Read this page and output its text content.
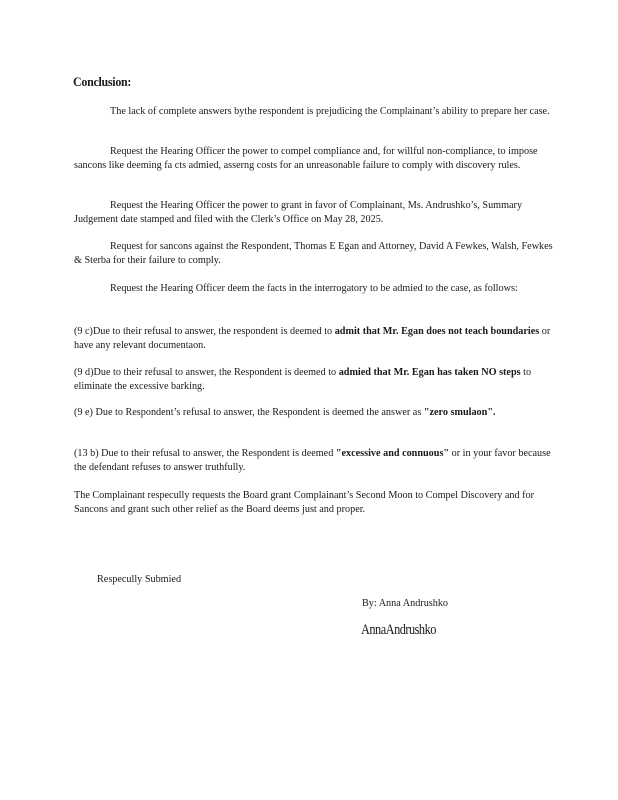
Conclusion:
The lack of complete answers bythe respondent is prejudicing the Complainant’s ability to prepare her case.
Request the Hearing Officer the power to compel compliance and, for willful non-compliance, to impose sancons like deeming fa cts admied, asserng costs for an unreasonable failure to comply with discovery rules.
Request the Hearing Officer the power to grant in favor of Complainant, Ms. Andrushko’s, Summary Judgement date stamped and filed with the Clerk’s Office on May 28, 2025.
Request for sancons against the Respondent, Thomas E Egan and Attorney, David A Fewkes, Walsh, Fewkes & Sterba for their failure to comply.
Request the Hearing Officer deem the facts in the interrogatory to be admied to the case, as follows:
(9 c)Due to their refusal to answer, the respondent is deemed to admit that Mr. Egan does not teach boundaries or have any relevant documentaon.
(9 d)Due to their refusal to answer, the Respondent is deemed to admied that Mr. Egan has taken NO steps to eliminate the excessive barking.
(9 e) Due to Respondent’s refusal to answer, the Respondent is deemed the answer as "zero smulaon".
(13 b) Due to their refusal to answer, the Respondent is deemed "excessive and connuous" or in your favor because the defendant refuses to answer truthfully.
The Complainant respecully requests the Board grant Complainant’s Second Moon to Compel Discovery and for Sancons and grant such other relief as the Board deems just and proper.
Respecully Submied
By: Anna Andrushko
AnnaAndrushko
